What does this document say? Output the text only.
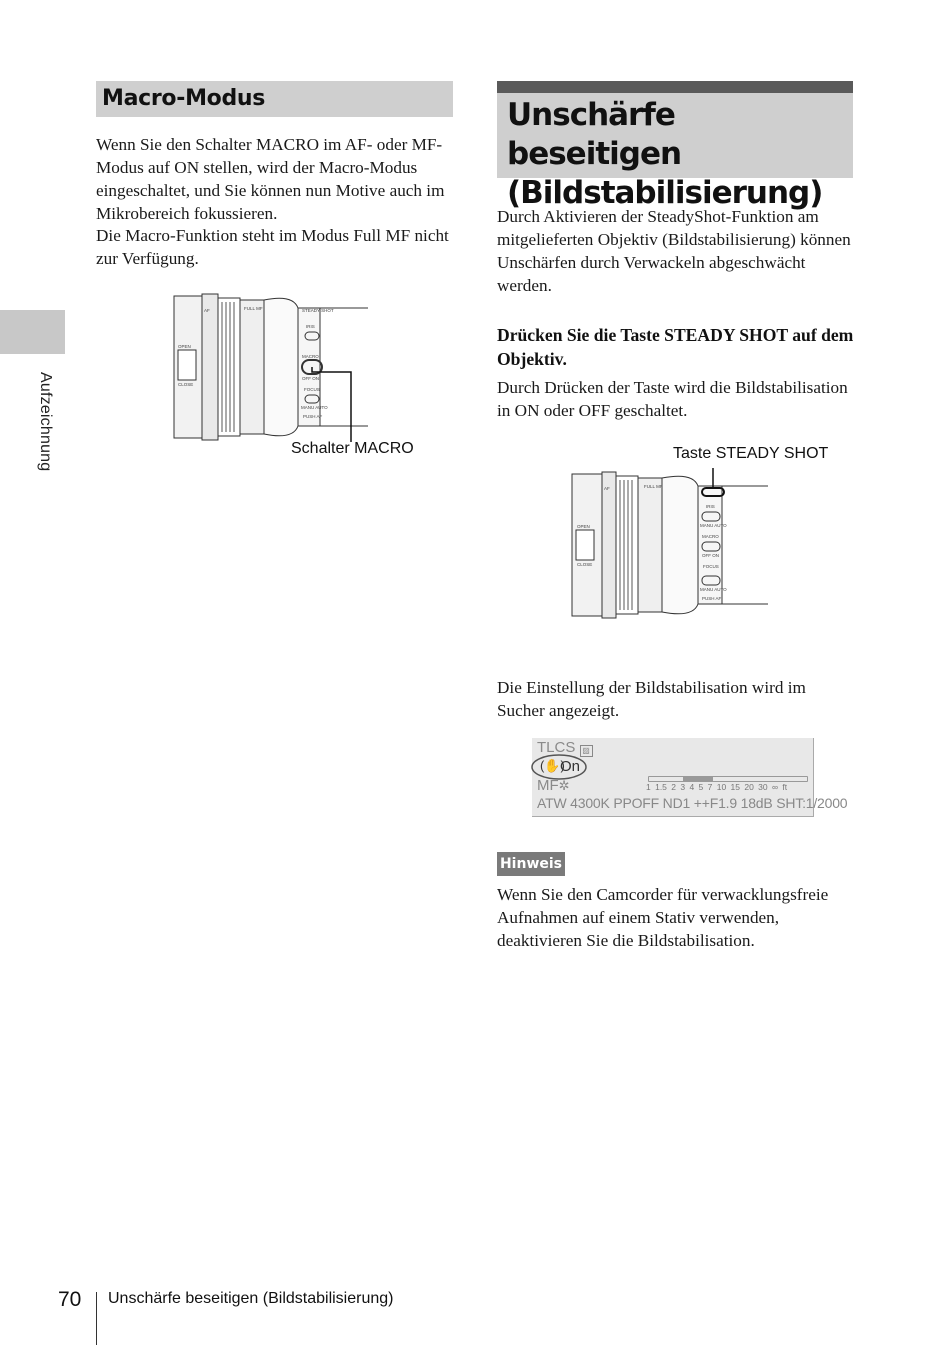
Aufzeichnung
Macro-Modus
Wenn Sie den Schalter MACRO im AF- oder MF-Modus auf ON stellen, wird der Macro-Modus eingeschaltet, und Sie können nun Motive auch im Mikrobereich fokussieren.
Die Macro-Funktion steht im Modus Full MF nicht zur Verfügung.
AF	FULL MF	STEADY SHOT
IRIS
MACRO
OFF ON
FOCUS
MANU AUTO
PUSH AF
OPEN
CLOSE
Schalter MACRO
Unschärfe beseitigen (Bildstabilisierung)
Durch Aktivieren der SteadyShot-Funktion am mitgelieferten Objektiv (Bildstabilisierung) können Unschärfen durch Verwackeln abgeschwächt werden.
Drücken Sie die Taste STEADY SHOT auf dem Objektiv.
Durch Drücken der Taste wird die Bildstabilisation in ON oder OFF geschaltet.
Taste STEADY SHOT
AF	FULL MF
IRIS
MANU AUTO
MACRO
OFF ON
FOCUS
MANU AUTO
PUSH AF
OPEN
CLOSE
Die Einstellung der Bildstabilisation wird im Sucher angezeigt.
TLCS ▨
(✋)
On
MF✲	1 1.5 2 3 4 5 7 10 15 20 30 ∞ ft
ATW 4300K PPOFF ND1 ++F1.9 18dB SHT:1/2000
Hinweis
Wenn Sie den Camcorder für verwacklungsfreie Aufnahmen auf einem Stativ verwenden, deaktivieren Sie die Bildstabilisation.
70 Unschärfe beseitigen (Bildstabilisierung)
